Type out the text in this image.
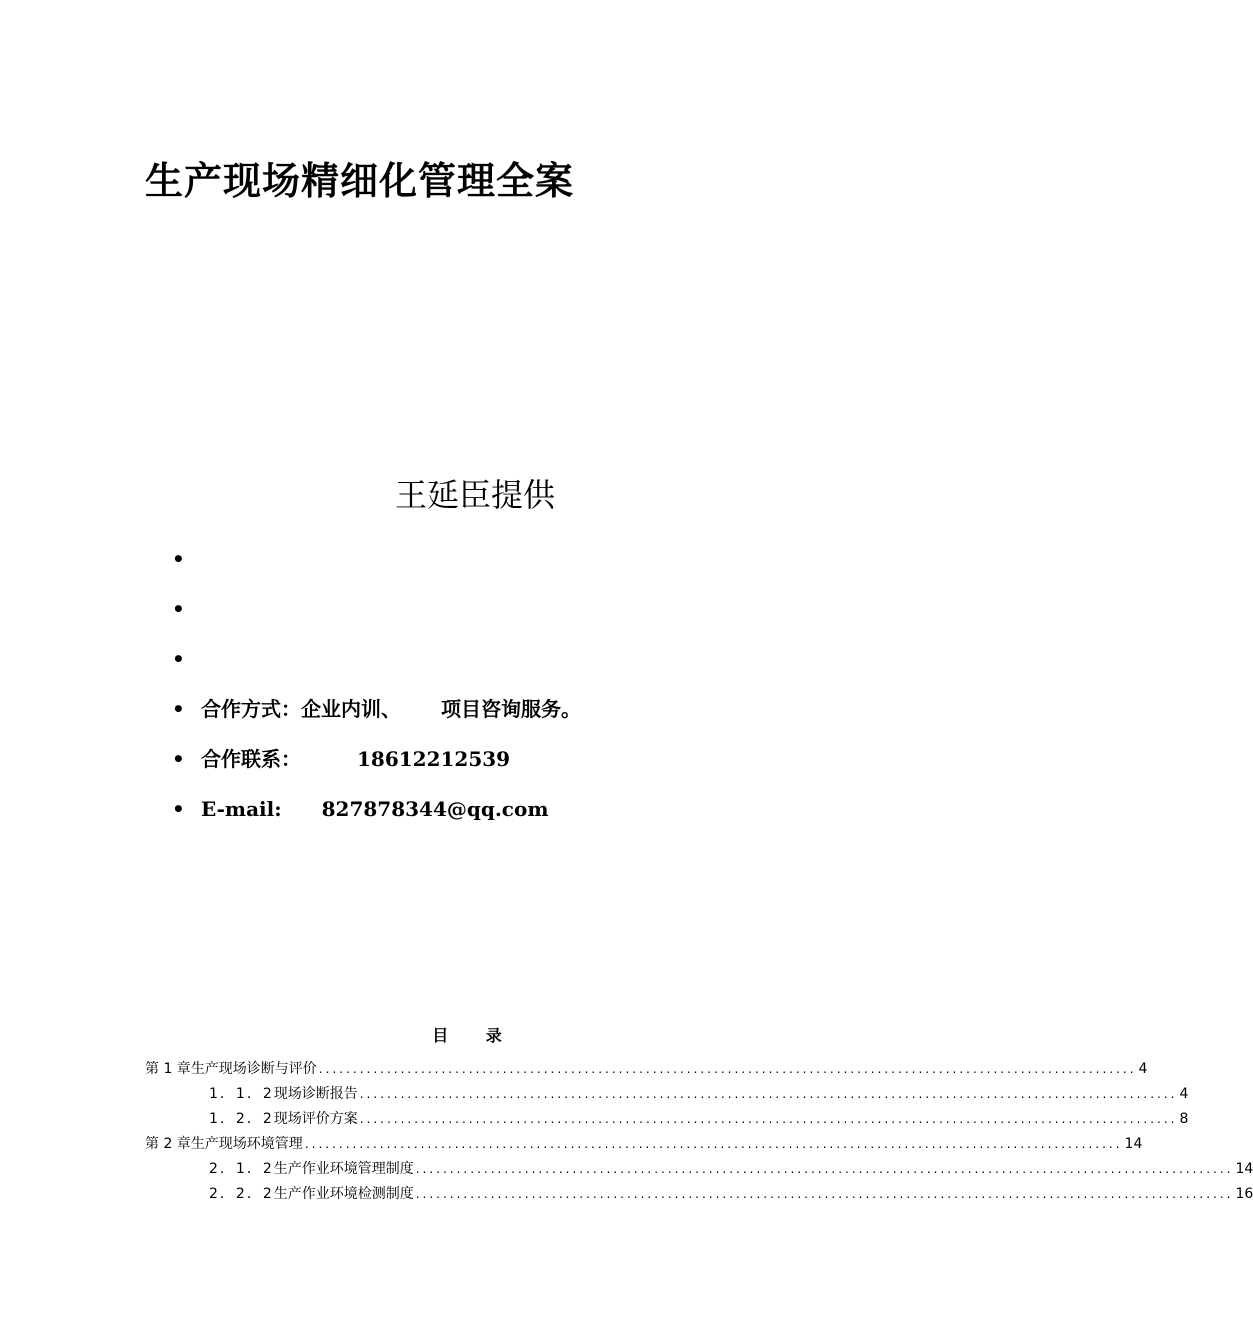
生产现场精细化管理全案
王延臣提供
•
•
•
• 合作方式：企业内训、 项目咨询服务。
• 合作联系：	18612212539
• E-mail: 827878344@qq.com
目 录
第 1 章 生产现场诊断与评价 ........................................................................................................................ 4
1．1．2 现场诊断报告 ........................................................................................................................ 4
1．2．2 现场评价方案 ........................................................................................................................ 8
第 2 章 生产现场环境管理 ........................................................................................................................ 14
2．1．2 生产作业环境管理制度 ........................................................................................................................ 14
2．2．2 生产作业环境检测制度 ........................................................................................................................ 16
